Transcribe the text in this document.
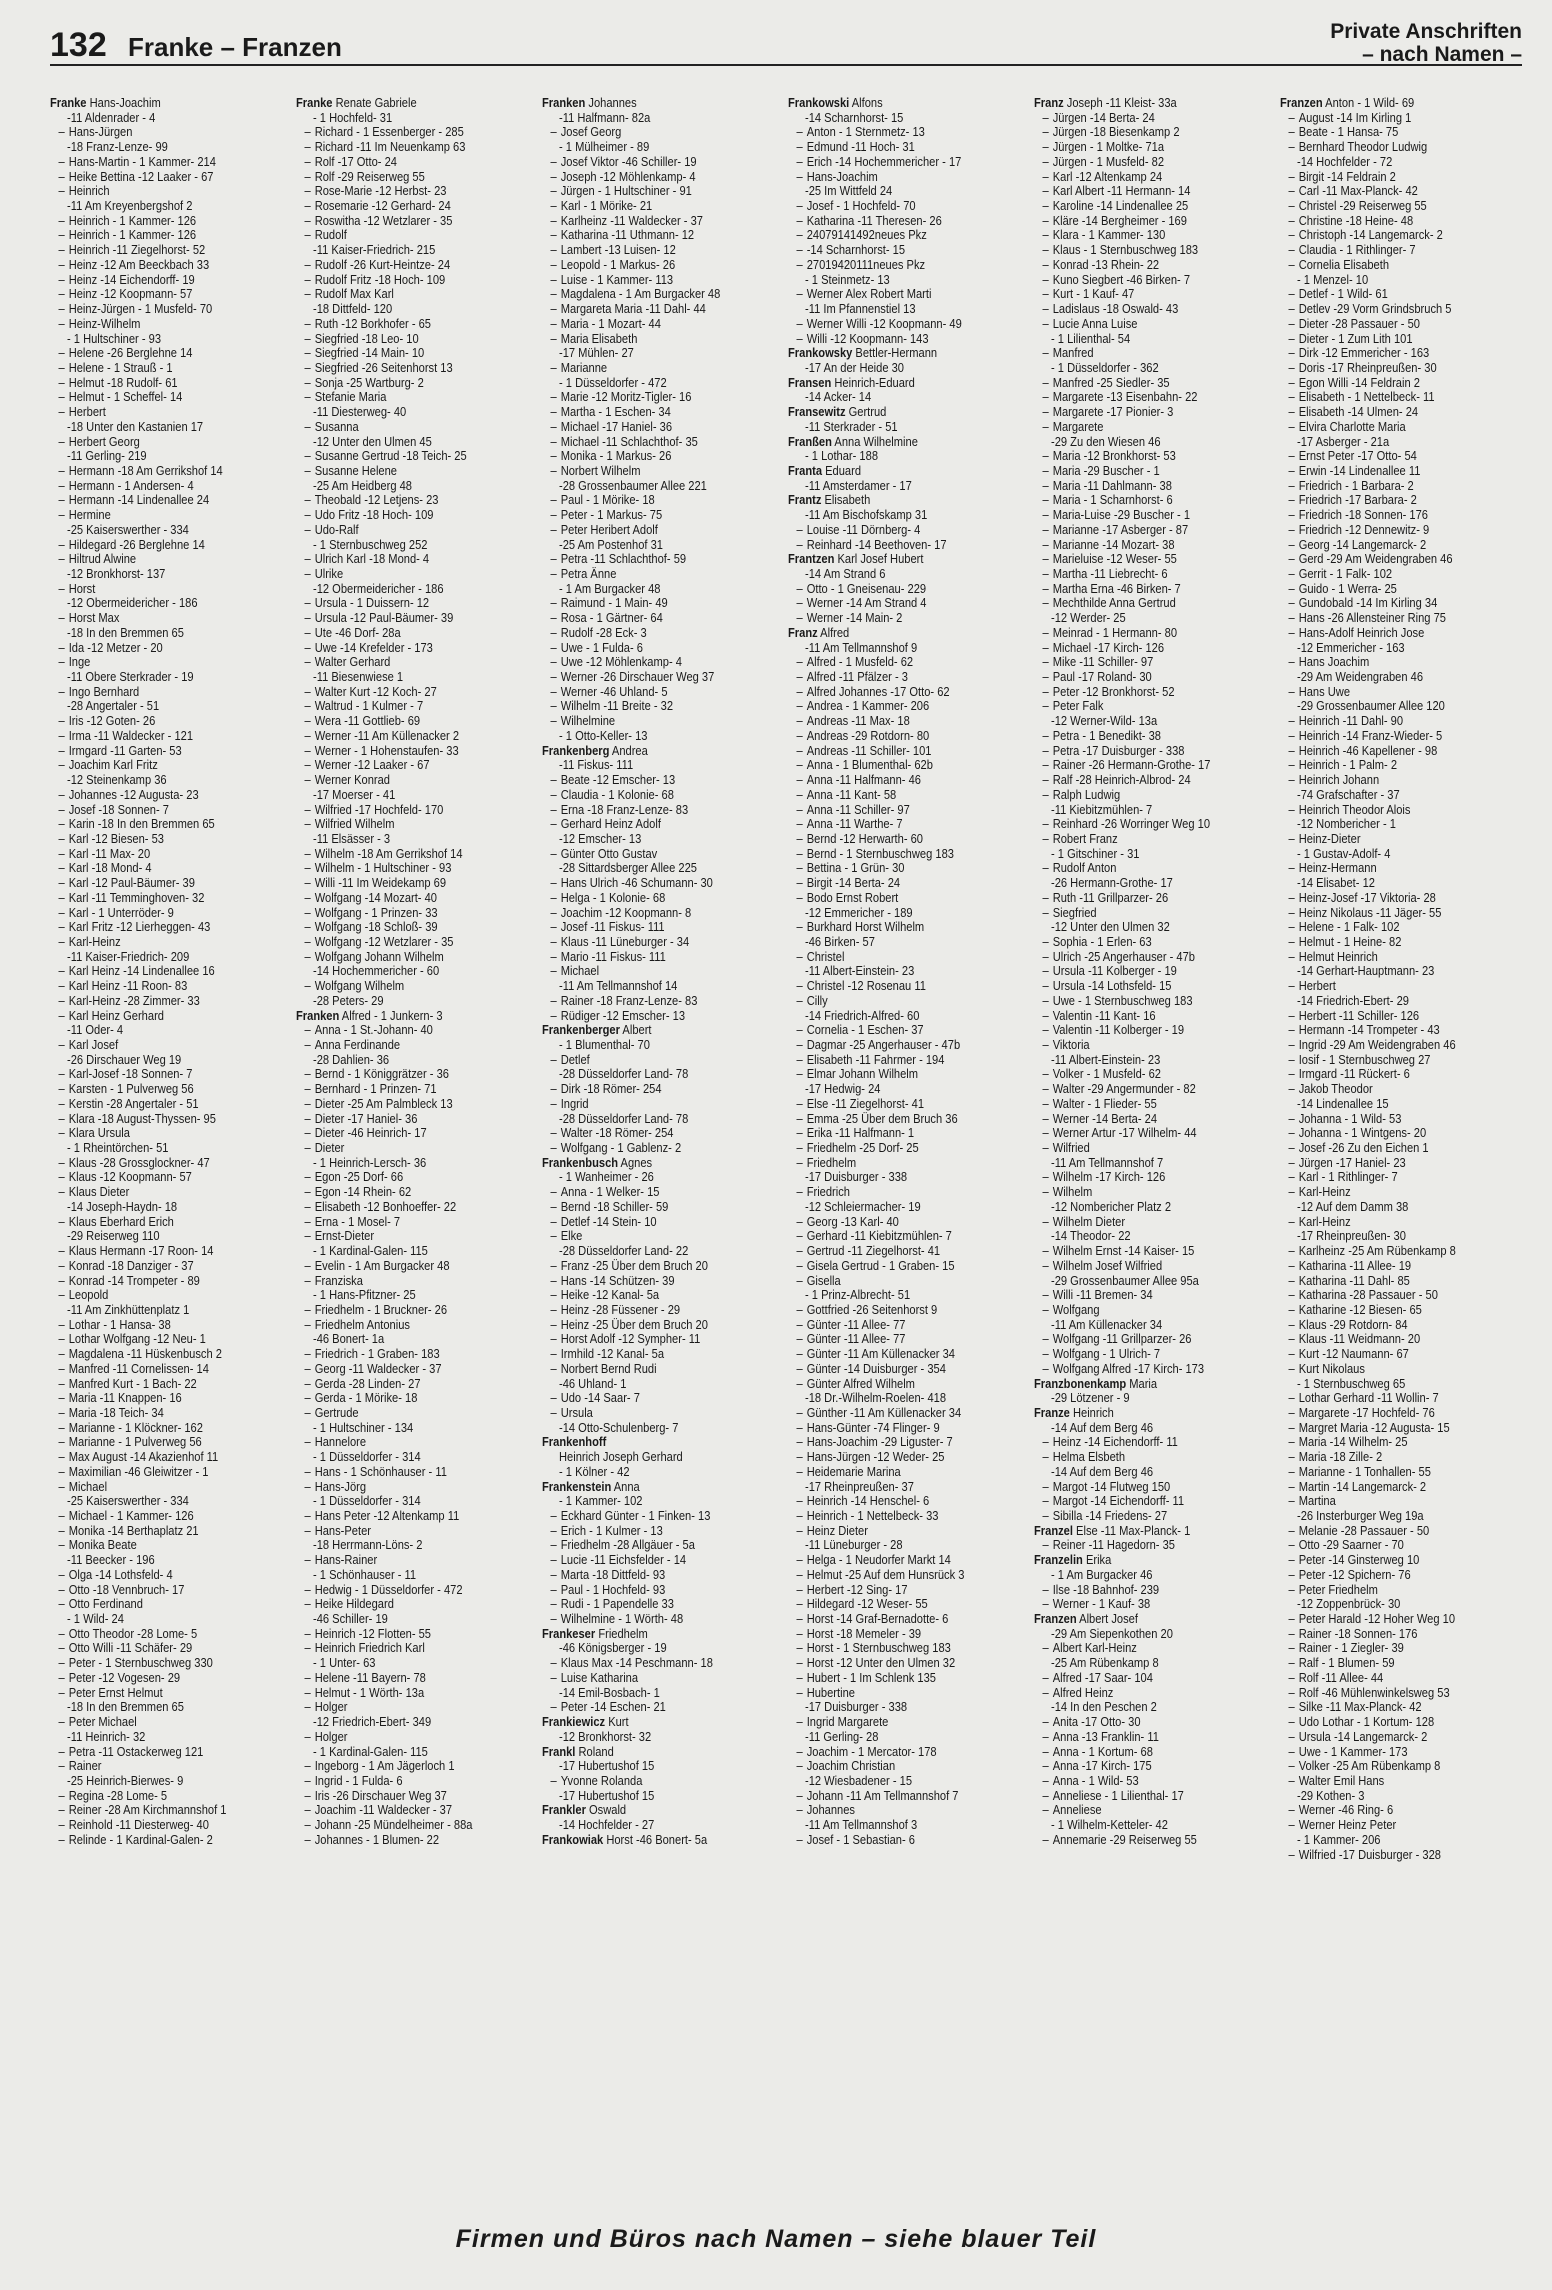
132 Franke – Franzen
Private Anschriften
– nach Namen –
Franke Hans-Joachim
-11 Aldenrader - 4
– Hans-Jürgen
-18 Franz-Lenze- 99
– Hans-Martin - 1 Kammer- 214
– Heike Bettina -12 Laaker - 67
– Heinrich
-11 Am Kreyenbergshof 2
– Heinrich - 1 Kammer- 126
– Heinrich - 1 Kammer- 126
– Heinrich -11 Ziegelhorst- 52
– Heinz -12 Am Beeckbach 33
– Heinz -14 Eichendorff- 19
– Heinz -12 Koopmann- 57
– Heinz-Jürgen - 1 Musfeld- 70
– Heinz-Wilhelm
- 1 Hultschiner - 93
– Helene -26 Berglehne 14
– Helene - 1 Strauß - 1
– Helmut -18 Rudolf- 61
– Helmut - 1 Scheffel- 14
– Herbert
-18 Unter den Kastanien 17
– Herbert Georg
-11 Gerling- 219
– Hermann -18 Am Gerrikshof 14
– Hermann - 1 Andersen- 4
– Hermann -14 Lindenallee 24
– Hermine
-25 Kaiserswerther - 334
– Hildegard -26 Berglehne 14
– Hiltrud Alwine
-12 Bronkhorst- 137
– Horst
-12 Obermeidericher - 186
– Horst Max
-18 In den Bremmen 65
– Ida -12 Metzer - 20
– Inge
-11 Obere Sterkrader - 19
– Ingo Bernhard
-28 Angertaler - 51
– Iris -12 Goten- 26
– Irma -11 Waldecker - 121
– Irmgard -11 Garten- 53
– Joachim Karl Fritz
-12 Steinenkamp 36
– Johannes -12 Augusta- 23
– Josef -18 Sonnen- 7
– Karin -18 In den Bremmen 65
– Karl -12 Biesen- 53
– Karl -11 Max- 20
– Karl -18 Mond- 4
– Karl -12 Paul-Bäumer- 39
– Karl -11 Temminghoven- 32
– Karl - 1 Unterröder- 9
– Karl Fritz -12 Lierheggen- 43
– Karl-Heinz
-11 Kaiser-Friedrich- 209
– Karl Heinz -14 Lindenallee 16
– Karl Heinz -11 Roon- 83
– Karl-Heinz -28 Zimmer- 33
– Karl Heinz Gerhard
-11 Oder- 4
– Karl Josef
-26 Dirschauer Weg 19
– Karl-Josef -18 Sonnen- 7
– Karsten - 1 Pulverweg 56
– Kerstin -28 Angertaler - 51
– Klara -18 August-Thyssen- 95
– Klara Ursula
- 1 Rheintörchen- 51
– Klaus -28 Grossglockner- 47
– Klaus -12 Koopmann- 57
– Klaus Dieter
-14 Joseph-Haydn- 18
– Klaus Eberhard Erich
-29 Reiserweg 110
– Klaus Hermann -17 Roon- 14
– Konrad -18 Danziger - 37
– Konrad -14 Trompeter - 89
– Leopold
-11 Am Zinkhüttenplatz 1
– Lothar - 1 Hansa- 38
– Lothar Wolfgang -12 Neu- 1
– Magdalena -11 Hüskenbusch 2
– Manfred -11 Cornelissen- 14
– Manfred Kurt - 1 Bach- 22
– Maria -11 Knappen- 16
– Maria -18 Teich- 34
– Marianne - 1 Klöckner- 162
– Marianne - 1 Pulverweg 56
– Max August -14 Akazienhof 11
– Maximilian -46 Gleiwitzer - 1
– Michael
-25 Kaiserswerther - 334
– Michael - 1 Kammer- 126
– Monika -14 Berthaplatz 21
– Monika Beate
-11 Beecker - 196
– Olga -14 Lothsfeld- 4
– Otto -18 Vennbruch- 17
– Otto Ferdinand
- 1 Wild- 24
– Otto Theodor -28 Lome- 5
– Otto Willi -11 Schäfer- 29
– Peter - 1 Sternbuschweg 330
– Peter -12 Vogesen- 29
– Peter Ernst Helmut
-18 In den Bremmen 65
– Peter Michael
-11 Heinrich- 32
– Petra -11 Ostackerweg 121
– Rainer
-25 Heinrich-Bierwes- 9
– Regina -28 Lome- 5
– Reiner -28 Am Kirchmannshof 1
– Reinhold -11 Diesterweg- 40
– Relinde - 1 Kardinal-Galen- 2
Franke Renate Gabriele
- 1 Hochfeld- 31
– Richard - 1 Essenberger - 285
– Richard -11 Im Neuenkamp 63
– Rolf -17 Otto- 24
– Rolf -29 Reiserweg 55
– Rose-Marie -12 Herbst- 23
– Rosemarie -12 Gerhard- 24
– Roswitha -12 Wetzlarer - 35
– Rudolf
-11 Kaiser-Friedrich- 215
– Rudolf -26 Kurt-Heintze- 24
– Rudolf Fritz -18 Hoch- 109
– Rudolf Max Karl
-18 Dittfeld- 120
– Ruth -12 Borkhofer - 65
– Siegfried -18 Leo- 10
– Siegfried -14 Main- 10
– Siegfried -26 Seitenhorst 13
– Sonja -25 Wartburg- 2
– Stefanie Maria
-11 Diesterweg- 40
– Susanna
-12 Unter den Ulmen 45
– Susanne Gertrud -18 Teich- 25
– Susanne Helene
-25 Am Heidberg 48
– Theobald -12 Letjens- 23
– Udo Fritz -18 Hoch- 109
– Udo-Ralf
- 1 Sternbuschweg 252
– Ulrich Karl -18 Mond- 4
– Ulrike
-12 Obermeidericher - 186
– Ursula - 1 Duissern- 12
– Ursula -12 Paul-Bäumer- 39
– Ute -46 Dorf- 28a
– Uwe -14 Krefelder - 173
– Walter Gerhard
-11 Biesenwiese 1
– Walter Kurt -12 Koch- 27
– Waltrud - 1 Kulmer - 7
– Wera -11 Gottlieb- 69
– Werner -11 Am Küllenacker 2
– Werner - 1 Hohenstaufen- 33
– Werner -12 Laaker - 67
– Werner Konrad
-17 Moerser - 41
– Wilfried -17 Hochfeld- 170
– Wilfried Wilhelm
-11 Elsässer - 3
– Wilhelm -18 Am Gerrikshof 14
– Wilhelm - 1 Hultschiner - 93
– Willi -11 Im Weidekamp 69
– Wolfgang -14 Mozart- 40
– Wolfgang - 1 Prinzen- 33
– Wolfgang -18 Schloß- 39
– Wolfgang -12 Wetzlarer - 35
– Wolfgang Johann Wilhelm
-14 Hochemmericher - 60
– Wolfgang Wilhelm
-28 Peters- 29
Franken Alfred - 1 Junkern- 3
– Anna - 1 St.-Johann- 40
– Anna Ferdinande
-28 Dahlien- 36
– Bernd - 1 Königgrätzer - 36
– Bernhard - 1 Prinzen- 71
– Dieter -25 Am Palmbleck 13
– Dieter -17 Haniel- 36
– Dieter -46 Heinrich- 17
– Dieter
- 1 Heinrich-Lersch- 36
– Egon -25 Dorf- 66
– Egon -14 Rhein- 62
– Elisabeth -12 Bonhoeffer- 22
– Erna - 1 Mosel- 7
– Ernst-Dieter
- 1 Kardinal-Galen- 115
– Evelin - 1 Am Burgacker 48
– Franziska
- 1 Hans-Pfitzner- 25
– Friedhelm - 1 Bruckner- 26
– Friedhelm Antonius
-46 Bonert- 1a
– Friedrich - 1 Graben- 183
– Georg -11 Waldecker - 37
– Gerda -28 Linden- 27
– Gerda - 1 Mörike- 18
– Gertrude
- 1 Hultschiner - 134
– Hannelore
- 1 Düsseldorfer - 314
– Hans - 1 Schönhauser - 11
– Hans-Jörg
- 1 Düsseldorfer - 314
– Hans Peter -12 Altenkamp 11
– Hans-Peter
-18 Herrmann-Löns- 2
– Hans-Rainer
- 1 Schönhauser - 11
– Hedwig - 1 Düsseldorfer - 472
– Heike Hildegard
-46 Schiller- 19
– Heinrich -12 Flotten- 55
– Heinrich Friedrich Karl
- 1 Unter- 63
– Helene -11 Bayern- 78
– Helmut - 1 Wörth- 13a
– Holger
-12 Friedrich-Ebert- 349
– Holger
- 1 Kardinal-Galen- 115
– Ingeborg - 1 Am Jägerloch 1
– Ingrid - 1 Fulda- 6
– Iris -26 Dirschauer Weg 37
– Joachim -11 Waldecker - 37
– Johann -25 Mündelheimer - 88a
– Johannes - 1 Blumen- 22
Franken Johannes
-11 Halfmann- 82a
– Josef Georg
- 1 Mülheimer - 89
– Josef Viktor -46 Schiller- 19
– Joseph -12 Möhlenkamp- 4
– Jürgen - 1 Hultschiner - 91
– Karl - 1 Mörike- 21
– Karlheinz -11 Waldecker - 37
– Katharina -11 Uthmann- 12
– Lambert -13 Luisen- 12
– Leopold - 1 Markus- 26
– Luise - 1 Kammer- 113
– Magdalena - 1 Am Burgacker 48
– Margareta Maria -11 Dahl- 44
– Maria - 1 Mozart- 44
– Maria Elisabeth
-17 Mühlen- 27
– Marianne
- 1 Düsseldorfer - 472
– Marie -12 Moritz-Tigler- 16
– Martha - 1 Eschen- 34
– Michael -17 Haniel- 36
– Michael -11 Schlachthof- 35
– Monika - 1 Markus- 26
– Norbert Wilhelm
-28 Grossenbaumer Allee 221
– Paul - 1 Mörike- 18
– Peter - 1 Markus- 75
– Peter Heribert Adolf
-25 Am Postenhof 31
– Petra -11 Schlachthof- 59
– Petra Änne
- 1 Am Burgacker 48
– Raimund - 1 Main- 49
– Rosa - 1 Gärtner- 64
– Rudolf -28 Eck- 3
– Uwe - 1 Fulda- 6
– Uwe -12 Möhlenkamp- 4
– Werner -26 Dirschauer Weg 37
– Werner -46 Uhland- 5
– Wilhelm -11 Breite - 32
– Wilhelmine
- 1 Otto-Keller- 13
Frankenberg Andrea
-11 Fiskus- 111
– Beate -12 Emscher- 13
– Claudia - 1 Kolonie- 68
– Erna -18 Franz-Lenze- 83
– Gerhard Heinz Adolf
-12 Emscher- 13
– Günter Otto Gustav
-28 Sittardsberger Allee 225
– Hans Ulrich -46 Schumann- 30
– Helga - 1 Kolonie- 68
– Joachim -12 Koopmann- 8
– Josef -11 Fiskus- 111
– Klaus -11 Lüneburger - 34
– Mario -11 Fiskus- 111
– Michael
-11 Am Tellmannshof 14
– Rainer -18 Franz-Lenze- 83
– Rüdiger -12 Emscher- 13
Frankenberger Albert
- 1 Blumenthal- 70
– Detlef
-28 Düsseldorfer Land- 78
– Dirk -18 Römer- 254
– Ingrid
-28 Düsseldorfer Land- 78
– Walter -18 Römer- 254
– Wolfgang - 1 Gablenz- 2
Frankenbusch Agnes
- 1 Wanheimer - 26
– Anna - 1 Welker- 15
– Bernd -18 Schiller- 59
– Detlef -14 Stein- 10
– Elke
-28 Düsseldorfer Land- 22
– Franz -25 Über dem Bruch 20
– Hans -14 Schützen- 39
– Heike -12 Kanal- 5a
– Heinz -28 Füssener - 29
– Heinz -25 Über dem Bruch 20
– Horst Adolf -12 Sympher- 11
– Irmhild -12 Kanal- 5a
– Norbert Bernd Rudi
-46 Uhland- 1
– Udo -14 Saar- 7
– Ursula
-14 Otto-Schulenberg- 7
Frankenhoff
Heinrich Joseph Gerhard
- 1 Kölner - 42
Frankenstein Anna
- 1 Kammer- 102
– Eckhard Günter - 1 Finken- 13
– Erich - 1 Kulmer - 13
– Friedhelm -28 Allgäuer - 5a
– Lucie -11 Eichsfelder - 14
– Marta -18 Dittfeld- 93
– Paul - 1 Hochfeld- 93
– Rudi - 1 Papendelle 33
– Wilhelmine - 1 Wörth- 48
Frankeser Friedhelm
-46 Königsberger - 19
– Klaus Max -14 Peschmann- 18
– Luise Katharina
-14 Emil-Bosbach- 1
– Peter -14 Eschen- 21
Frankiewicz Kurt
-12 Bronkhorst- 32
Frankl Roland
-17 Hubertushof 15
– Yvonne Rolanda
-17 Hubertushof 15
Frankler Oswald
-14 Hochfelder - 27
Frankowiak Horst -46 Bonert- 5a
Frankowski Alfons
-14 Scharnhorst- 15
– Anton - 1 Sternmetz- 13
– Edmund -11 Hoch- 31
– Erich -14 Hochemmericher - 17
– Hans-Joachim
-25 Im Wittfeld 24
– Josef - 1 Hochfeld- 70
– Katharina -11 Theresen- 26
– 24079141492neues Pkz
– -14 Scharnhorst- 15
– 27019420111neues Pkz
- 1 Steinmetz- 13
– Werner Alex Robert Marti
-11 Im Pfannenstiel 13
– Werner Willi -12 Koopmann- 49
– Willi -12 Koopmann- 143
Frankowsky Bettler-Hermann
-17 An der Heide 30
Fransen Heinrich-Eduard
-14 Acker- 14
Fransewitz Gertrud
-11 Sterkrader - 51
Franßen Anna Wilhelmine
- 1 Lothar- 188
Franta Eduard
-11 Amsterdamer - 17
Frantz Elisabeth
-11 Am Bischofskamp 31
– Louise -11 Dörnberg- 4
– Reinhard -14 Beethoven- 17
Frantzen Karl Josef Hubert
-14 Am Strand 6
– Otto - 1 Gneisenau- 229
– Werner -14 Am Strand 4
– Werner -14 Main- 2
Franz Alfred
-11 Am Tellmannshof 9
– Alfred - 1 Musfeld- 62
– Alfred -11 Pfälzer - 3
– Alfred Johannes -17 Otto- 62
– Andrea - 1 Kammer- 206
– Andreas -11 Max- 18
– Andreas -29 Rotdorn- 80
– Andreas -11 Schiller- 101
– Anna - 1 Blumenthal- 62b
– Anna -11 Halfmann- 46
– Anna -11 Kant- 58
– Anna -11 Schiller- 97
– Anna -11 Warthe- 7
– Bernd -12 Herwarth- 60
– Bernd - 1 Sternbuschweg 183
– Bettina - 1 Grün- 30
– Birgit -14 Berta- 24
– Bodo Ernst Robert
-12 Emmericher - 189
– Burkhard Horst Wilhelm
-46 Birken- 57
– Christel
-11 Albert-Einstein- 23
– Christel -12 Rosenau 11
– Cilly
-14 Friedrich-Alfred- 60
– Cornelia - 1 Eschen- 37
– Dagmar -25 Angerhauser - 47b
– Elisabeth -11 Fahrmer - 194
– Elmar Johann Wilhelm
-17 Hedwig- 24
– Else -11 Ziegelhorst- 41
– Emma -25 Über dem Bruch 36
– Erika -11 Halfmann- 1
– Friedhelm -25 Dorf- 25
– Friedhelm
-17 Duisburger - 338
– Friedrich
-12 Schleiermacher- 19
– Georg -13 Karl- 40
– Gerhard -11 Kiebitzmühlen- 7
– Gertrud -11 Ziegelhorst- 41
– Gisela Gertrud - 1 Graben- 15
– Gisella
- 1 Prinz-Albrecht- 51
– Gottfried -26 Seitenhorst 9
– Günter -11 Allee- 77
– Günter -11 Allee- 77
– Günter -11 Am Küllenacker 34
– Günter -14 Duisburger - 354
– Günter Alfred Wilhelm
-18 Dr.-Wilhelm-Roelen- 418
– Günther -11 Am Küllenacker 34
– Hans-Günter -74 Flinger- 9
– Hans-Joachim -29 Liguster- 7
– Hans-Jürgen -12 Weder- 25
– Heidemarie Marina
-17 Rheinpreußen- 37
– Heinrich -14 Henschel- 6
– Heinrich - 1 Nettelbeck- 33
– Heinz Dieter
-11 Lüneburger - 28
– Helga - 1 Neudorfer Markt 14
– Helmut -25 Auf dem Hunsrück 3
– Herbert -12 Sing- 17
– Hildegard -12 Weser- 55
– Horst -14 Graf-Bernadotte- 6
– Horst -18 Memeler - 39
– Horst - 1 Sternbuschweg 183
– Horst -12 Unter den Ulmen 32
– Hubert - 1 Im Schlenk 135
– Hubertine
-17 Duisburger - 338
– Ingrid Margarete
-11 Gerling- 28
– Joachim - 1 Mercator- 178
– Joachim Christian
-12 Wiesbadener - 15
– Johann -11 Am Tellmannshof 7
– Johannes
-11 Am Tellmannshof 3
– Josef - 1 Sebastian- 6
Franz Joseph -11 Kleist- 33a
– Jürgen -14 Berta- 24
– Jürgen -18 Biesenkamp 2
– Jürgen - 1 Moltke- 71a
– Jürgen - 1 Musfeld- 82
– Karl -12 Altenkamp 24
– Karl Albert -11 Hermann- 14
– Karoline -14 Lindenallee 25
– Kläre -14 Bergheimer - 169
– Klara - 1 Kammer- 130
– Klaus - 1 Sternbuschweg 183
– Konrad -13 Rhein- 22
– Kuno Siegbert -46 Birken- 7
– Kurt - 1 Kauf- 47
– Ladislaus -18 Oswald- 43
– Lucie Anna Luise
- 1 Lilienthal- 54
– Manfred
- 1 Düsseldorfer - 362
– Manfred -25 Siedler- 35
– Margarete -13 Eisenbahn- 22
– Margarete -17 Pionier- 3
– Margarete
-29 Zu den Wiesen 46
– Maria -12 Bronkhorst- 53
– Maria -29 Buscher - 1
– Maria -11 Dahlmann- 38
– Maria - 1 Scharnhorst- 6
– Maria-Luise -29 Buscher - 1
– Marianne -17 Asberger - 87
– Marianne -14 Mozart- 38
– Marieluise -12 Weser- 55
– Martha -11 Liebrecht- 6
– Martha Erna -46 Birken- 7
– Mechthilde Anna Gertrud
-12 Werder- 25
– Meinrad - 1 Hermann- 80
– Michael -17 Kirch- 126
– Mike -11 Schiller- 97
– Paul -17 Roland- 30
– Peter -12 Bronkhorst- 52
– Peter Falk
-12 Werner-Wild- 13a
– Petra - 1 Benedikt- 38
– Petra -17 Duisburger - 338
– Rainer -26 Hermann-Grothe- 17
– Ralf -28 Heinrich-Albrod- 24
– Ralph Ludwig
-11 Kiebitzmühlen- 7
– Reinhard -26 Worringer Weg 10
– Robert Franz
- 1 Gitschiner - 31
– Rudolf Anton
-26 Hermann-Grothe- 17
– Ruth -11 Grillparzer- 26
– Siegfried
-12 Unter den Ulmen 32
– Sophia - 1 Erlen- 63
– Ulrich -25 Angerhauser - 47b
– Ursula -11 Kolberger - 19
– Ursula -14 Lothsfeld- 15
– Uwe - 1 Sternbuschweg 183
– Valentin -11 Kant- 16
– Valentin -11 Kolberger - 19
– Viktoria
-11 Albert-Einstein- 23
– Volker - 1 Musfeld- 62
– Walter -29 Angermunder - 82
– Walter - 1 Flieder- 55
– Werner -14 Berta- 24
– Werner Artur -17 Wilhelm- 44
– Wilfried
-11 Am Tellmannshof 7
– Wilhelm -17 Kirch- 126
– Wilhelm
-12 Nombericher Platz 2
– Wilhelm Dieter
-14 Theodor- 22
– Wilhelm Ernst -14 Kaiser- 15
– Wilhelm Josef Wilfried
-29 Grossenbaumer Allee 95a
– Willi -11 Bremen- 34
– Wolfgang
-11 Am Küllenacker 34
– Wolfgang -11 Grillparzer- 26
– Wolfgang - 1 Ulrich- 7
– Wolfgang Alfred -17 Kirch- 173
Franzbonenkamp Maria
-29 Lötzener - 9
Franze Heinrich
-14 Auf dem Berg 46
– Heinz -14 Eichendorff- 11
– Helma Elsbeth
-14 Auf dem Berg 46
– Margot -14 Flutweg 150
– Margot -14 Eichendorff- 11
– Sibilla -14 Friedens- 27
Franzel Else -11 Max-Planck- 1
– Reiner -11 Hagedorn- 35
Franzelin Erika
- 1 Am Burgacker 46
– Ilse -18 Bahnhof- 239
– Werner - 1 Kauf- 38
Franzen Albert Josef
-29 Am Siepenkothen 20
– Albert Karl-Heinz
-25 Am Rübenkamp 8
– Alfred -17 Saar- 104
– Alfred Heinz
-14 In den Peschen 2
– Anita -17 Otto- 30
– Anna -13 Franklin- 11
– Anna - 1 Kortum- 68
– Anna -17 Kirch- 175
– Anna - 1 Wild- 53
– Anneliese - 1 Lilienthal- 17
– Anneliese
- 1 Wilhelm-Ketteler- 42
– Annemarie -29 Reiserweg 55
Franzen Anton - 1 Wild- 69
– August -14 Im Kirling 1
– Beate - 1 Hansa- 75
– Bernhard Theodor Ludwig
-14 Hochfelder - 72
– Birgit -14 Feldrain 2
– Carl -11 Max-Planck- 42
– Christel -29 Reiserweg 55
– Christine -18 Heine- 48
– Christoph -14 Langemarck- 2
– Claudia - 1 Rithlinger- 7
– Cornelia Elisabeth
- 1 Menzel- 10
– Detlef - 1 Wild- 61
– Detlev -29 Vorm Grindsbruch 5
– Dieter -28 Passauer - 50
– Dieter - 1 Zum Lith 101
– Dirk -12 Emmericher - 163
– Doris -17 Rheinpreußen- 30
– Egon Willi -14 Feldrain 2
– Elisabeth - 1 Nettelbeck- 11
– Elisabeth -14 Ulmen- 24
– Elvira Charlotte Maria
-17 Asberger - 21a
– Ernst Peter -17 Otto- 54
– Erwin -14 Lindenallee 11
– Friedrich - 1 Barbara- 2
– Friedrich -17 Barbara- 2
– Friedrich -18 Sonnen- 176
– Friedrich -12 Dennewitz- 9
– Georg -14 Langemarck- 2
– Gerd -29 Am Weidengraben 46
– Gerrit - 1 Falk- 102
– Guido - 1 Werra- 25
– Gundobald -14 Im Kirling 34
– Hans -26 Allensteiner Ring 75
– Hans-Adolf Heinrich Jose
-12 Emmericher - 163
– Hans Joachim
-29 Am Weidengraben 46
– Hans Uwe
-29 Grossenbaumer Allee 120
– Heinrich -11 Dahl- 90
– Heinrich -14 Franz-Wieder- 5
– Heinrich -46 Kapellener - 98
– Heinrich - 1 Palm- 2
– Heinrich Johann
-74 Grafschafter - 37
– Heinrich Theodor Alois
-12 Nombericher - 1
– Heinz-Dieter
- 1 Gustav-Adolf- 4
– Heinz-Hermann
-14 Elisabet- 12
– Heinz-Josef -17 Viktoria- 28
– Heinz Nikolaus -11 Jäger- 55
– Helene - 1 Falk- 102
– Helmut - 1 Heine- 82
– Helmut Heinrich
-14 Gerhart-Hauptmann- 23
– Herbert
-14 Friedrich-Ebert- 29
– Herbert -11 Schiller- 126
– Hermann -14 Trompeter - 43
– Ingrid -29 Am Weidengraben 46
– Iosif - 1 Sternbuschweg 27
– Irmgard -11 Rückert- 6
– Jakob Theodor
-14 Lindenallee 15
– Johanna - 1 Wild- 53
– Johanna - 1 Wintgens- 20
– Josef -26 Zu den Eichen 1
– Jürgen -17 Haniel- 23
– Karl - 1 Rithlinger- 7
– Karl-Heinz
-12 Auf dem Damm 38
– Karl-Heinz
-17 Rheinpreußen- 30
– Karlheinz -25 Am Rübenkamp 8
– Katharina -11 Allee- 19
– Katharina -11 Dahl- 85
– Katharina -28 Passauer - 50
– Katharine -12 Biesen- 65
– Klaus -29 Rotdorn- 84
– Klaus -11 Weidmann- 20
– Kurt -12 Naumann- 67
– Kurt Nikolaus
- 1 Sternbuschweg 65
– Lothar Gerhard -11 Wollin- 7
– Margarete -17 Hochfeld- 76
– Margret Maria -12 Augusta- 15
– Maria -14 Wilhelm- 25
– Maria -18 Zille- 2
– Marianne - 1 Tonhallen- 55
– Martin -14 Langemarck- 2
– Martina
-26 Insterburger Weg 19a
– Melanie -28 Passauer - 50
– Otto -29 Saarner - 70
– Peter -14 Ginsterweg 10
– Peter -12 Spichern- 76
– Peter Friedhelm
-12 Zoppenbrück- 30
– Peter Harald -12 Hoher Weg 10
– Rainer -18 Sonnen- 176
– Rainer - 1 Ziegler- 39
– Ralf - 1 Blumen- 59
– Rolf -11 Allee- 44
– Rolf -46 Mühlenwinkelsweg 53
– Silke -11 Max-Planck- 42
– Udo Lothar - 1 Kortum- 128
– Ursula -14 Langemarck- 2
– Uwe - 1 Kammer- 173
– Volker -25 Am Rübenkamp 8
– Walter Emil Hans
-29 Kothen- 3
– Werner -46 Ring- 6
– Werner Heinz Peter
- 1 Kammer- 206
– Wilfried -17 Duisburger - 328
Firmen und Büros nach Namen – siehe blauer Teil
